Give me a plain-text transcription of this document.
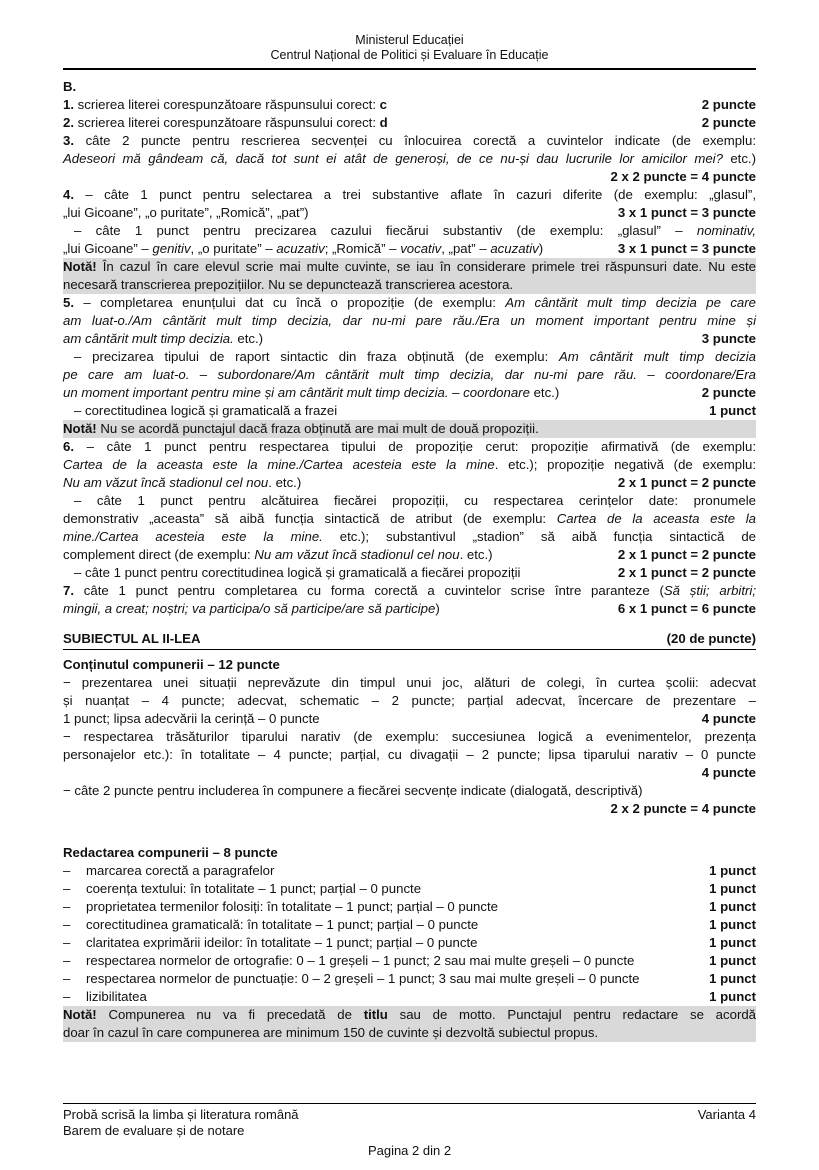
Ministerul Educației
Centrul Național de Politici și Evaluare în Educație
B.
1. scrierea literei corespunzătoare răspunsului corect: c	2 puncte
2. scrierea literei corespunzătoare răspunsului corect: d	2 puncte
3. câte 2 puncte pentru rescrierea secvenței cu înlocuirea corectă a cuvintelor indicate (de exemplu:
Adeseori mă gândeam că, dacă tot sunt ei atât de generoși, de ce nu-și dau lucrurile lor amicilor mei? etc.)
2 x 2 puncte = 4 puncte
4. – câte 1 punct pentru selectarea a trei substantive aflate în cazuri diferite (de exemplu: „glasul”,
„lui Gicoane”, „o puritate”, „Romică”, „pat”)	3 x 1 punct = 3 puncte
– câte 1 punct pentru precizarea cazului fiecărui substantiv (de exemplu: „glasul” – nominativ,
„lui Gicoane” – genitiv, „o puritate” – acuzativ; „Romică” – vocativ, „pat” – acuzativ)	3 x 1 punct = 3 puncte
Notă! În cazul în care elevul scrie mai multe cuvinte, se iau în considerare primele trei răspunsuri date. Nu este
necesară transcrierea prepozițiilor. Nu se depunctează transcrierea acestora.
5. – completarea enunțului dat cu încă o propoziție (de exemplu: Am cântărit mult timp decizia pe care
am luat-o./Am cântărit mult timp decizia, dar nu-mi pare rău./Era un moment important pentru mine și
am cântărit mult timp decizia. etc.)	3 puncte
– precizarea tipului de raport sintactic din fraza obținută (de exemplu: Am cântărit mult timp decizia
pe care am luat-o. – subordonare/Am cântărit mult timp decizia, dar nu-mi pare rău. – coordonare/Era
un moment important pentru mine și am cântărit mult timp decizia. – coordonare etc.)	2 puncte
– corectitudinea logică și gramaticală a frazei	1 punct
Notă! Nu se acordă punctajul dacă fraza obținută are mai mult de două propoziții.
6. – câte 1 punct pentru respectarea tipului de propoziție cerut: propoziție afirmativă (de exemplu:
Cartea de la aceasta este la mine./Cartea acesteia este la mine. etc.); propoziție negativă (de exemplu:
Nu am văzut încă stadionul cel nou. etc.)	2 x 1 punct = 2 puncte
– câte 1 punct pentru alcătuirea fiecărei propoziții, cu respectarea cerințelor date: pronumele
demonstrativ „aceasta” să aibă funcția sintactică de atribut (de exemplu: Cartea de la aceasta este la
mine./Cartea acesteia este la mine. etc.); substantivul „stadion” să aibă funcția sintactică de
complement direct (de exemplu: Nu am văzut încă stadionul cel nou. etc.)	2 x 1 punct = 2 puncte
– câte 1 punct pentru corectitudinea logică și gramaticală a fiecărei propoziții	2 x 1 punct = 2 puncte
7. câte 1 punct pentru completarea cu forma corectă a cuvintelor scrise între paranteze (Să știi; arbitri;
mingii, a creat; noștri; va participa/o să participe/are să participe)	6 x 1 punct = 6 puncte
SUBIECTUL AL II-LEA	(20 de puncte)
Conținutul compunerii – 12 puncte
− prezentarea unei situații neprevăzute din timpul unui joc, alături de colegi, în curtea școlii: adecvat
și nuanțat – 4 puncte; adecvat, schematic – 2 puncte; parțial adecvat, încercare de prezentare –
1 punct; lipsa adecvării la cerință – 0 puncte	4 puncte
− respectarea trăsăturilor tiparului narativ (de exemplu: succesiunea logică a evenimentelor, prezența
personajelor etc.): în totalitate – 4 puncte; parțial, cu divagații – 2 puncte; lipsa tiparului narativ – 0 puncte
4 puncte
− câte 2 puncte pentru includerea în compunere a fiecărei secvențe indicate (dialogată, descriptivă)
2 x 2 puncte = 4 puncte
Redactarea compunerii – 8 puncte
– marcarea corectă a paragrafelor	1 punct
– coerența textului: în totalitate – 1 punct; parțial – 0 puncte	1 punct
– proprietatea termenilor folosiți: în totalitate – 1 punct; parțial – 0 puncte	1 punct
– corectitudinea gramaticală: în totalitate – 1 punct; parțial – 0 puncte	1 punct
– claritatea exprimării ideilor: în totalitate – 1 punct; parțial – 0 puncte	1 punct
– respectarea normelor de ortografie: 0 – 1 greșeli – 1 punct; 2 sau mai multe greșeli – 0 puncte	1 punct
– respectarea normelor de punctuație: 0 – 2 greșeli – 1 punct; 3 sau mai multe greșeli – 0 puncte	1 punct
– lizibilitatea	1 punct
Notă! Compunerea nu va fi precedată de titlu sau de motto. Punctajul pentru redactare se acordă
doar în cazul în care compunerea are minimum 150 de cuvinte și dezvoltă subiectul propus.
Probă scrisă la limba și literatura română	Varianta 4
Barem de evaluare și de notare
Pagina 2 din 2
